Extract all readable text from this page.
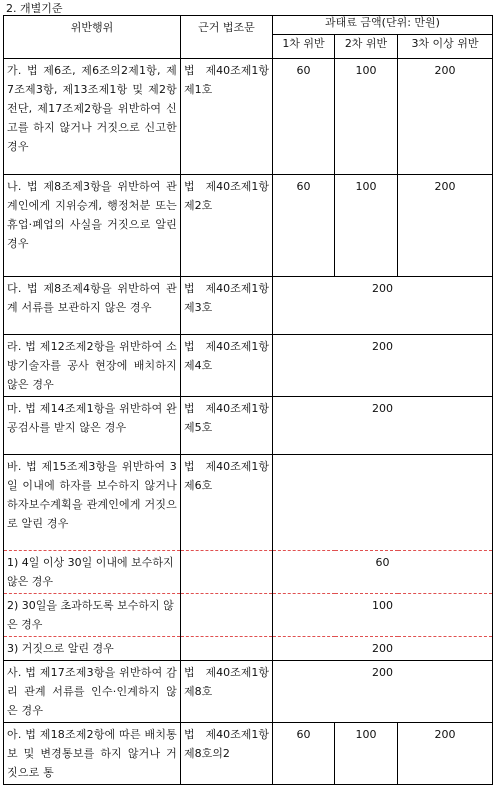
2. 개별기준
위반행위	근거 법조문	과태료 금액(단위: 만원)		
		1차 위반	2차 위반	3차 이상 위반
가. 법 제6조, 제6조의2제1항, 제7조제3항, 제13조제1항 및 제2항 전단, 제17조제2항을 위반하여 신고를 하지 않거나 거짓으로 신고한 경우	법 제40조제1항제1호	60	100	200
나. 법 제8조제3항을 위반하여 관계인에게 지위승계, 행정처분 또는 휴업·폐업의 사실을 거짓으로 알린 경우	법 제40조제1항제2호	60	100	200
다. 법 제8조제4항을 위반하여 관계 서류를 보관하지 않은 경우	법 제40조제1항제3호	200		
라. 법 제12조제2항을 위반하여 소방기술자를 공사 현장에 배치하지 않은 경우	법 제40조제1항제4호	200		
마. 법 제14조제1항을 위반하여 완공검사를 받지 않은 경우	법 제40조제1항제5호	200		
바. 법 제15조제3항을 위반하여 3일 이내에 하자를 보수하지 않거나 하자보수계획을 관계인에게 거짓으로 알린 경우	법 제40조제1항제6호			
1) 4일 이상 30일 이내에 보수하지 않은 경우		60		
2) 30일을 초과하도록 보수하지 않은 경우		100		
3) 거짓으로 알린 경우		200		
사. 법 제17조제3항을 위반하여 감리 관계 서류를 인수·인계하지 않은 경우	법 제40조제1항제8호	200		
아. 법 제18조제2항에 따른 배치통보 및 변경통보를 하지 않거나 거짓으로 통	법 제40조제1항제8호의2	60	100	200
